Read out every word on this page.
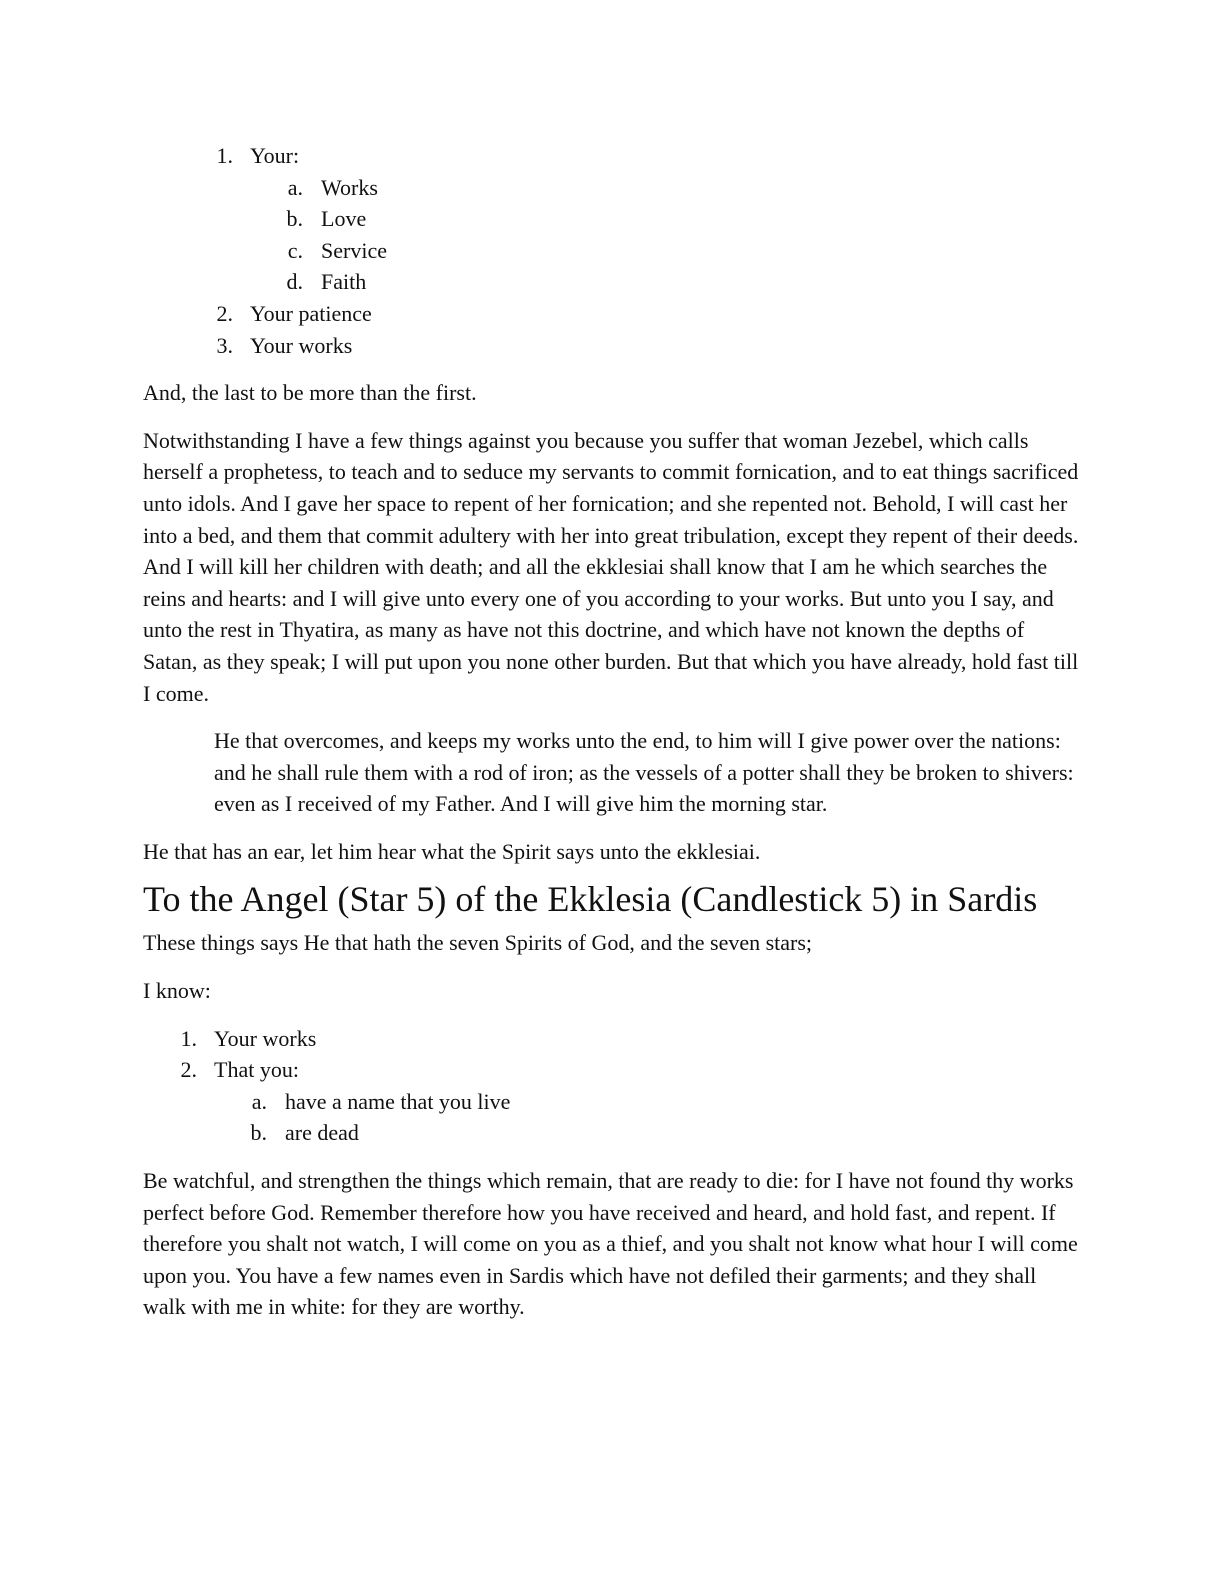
1. Your:
a. Works
b. Love
c. Service
d. Faith
2. Your patience
3. Your works

And, the last to be more than the first.

Notwithstanding I have a few things against you because you suffer that woman Jezebel, which calls herself a prophetess, to teach and to seduce my servants to commit fornication, and to eat things sacrificed unto idols. And I gave her space to repent of her fornication; and she repented not. Behold, I will cast her into a bed, and them that commit adultery with her into great tribulation, except they repent of their deeds. And I will kill her children with death; and all the ekklesiai shall know that I am he which searches the reins and hearts: and I will give unto every one of you according to your works. But unto you I say, and unto the rest in Thyatira, as many as have not this doctrine, and which have not known the depths of Satan, as they speak; I will put upon you none other burden. But that which you have already, hold fast till I come.

He that overcomes, and keeps my works unto the end, to him will I give power over the nations: and he shall rule them with a rod of iron; as the vessels of a potter shall they be broken to shivers: even as I received of my Father. And I will give him the morning star.

He that has an ear, let him hear what the Spirit says unto the ekklesiai.

To the Angel (Star 5) of the Ekklesia (Candlestick 5) in Sardis

These things says He that hath the seven Spirits of God, and the seven stars;

I know:

1. Your works
2. That you:
a. have a name that you live
b. are dead

Be watchful, and strengthen the things which remain, that are ready to die: for I have not found thy works perfect before God. Remember therefore how you have received and heard, and hold fast, and repent. If therefore you shalt not watch, I will come on you as a thief, and you shalt not know what hour I will come upon you. You have a few names even in Sardis which have not defiled their garments; and they shall walk with me in white: for they are worthy.
